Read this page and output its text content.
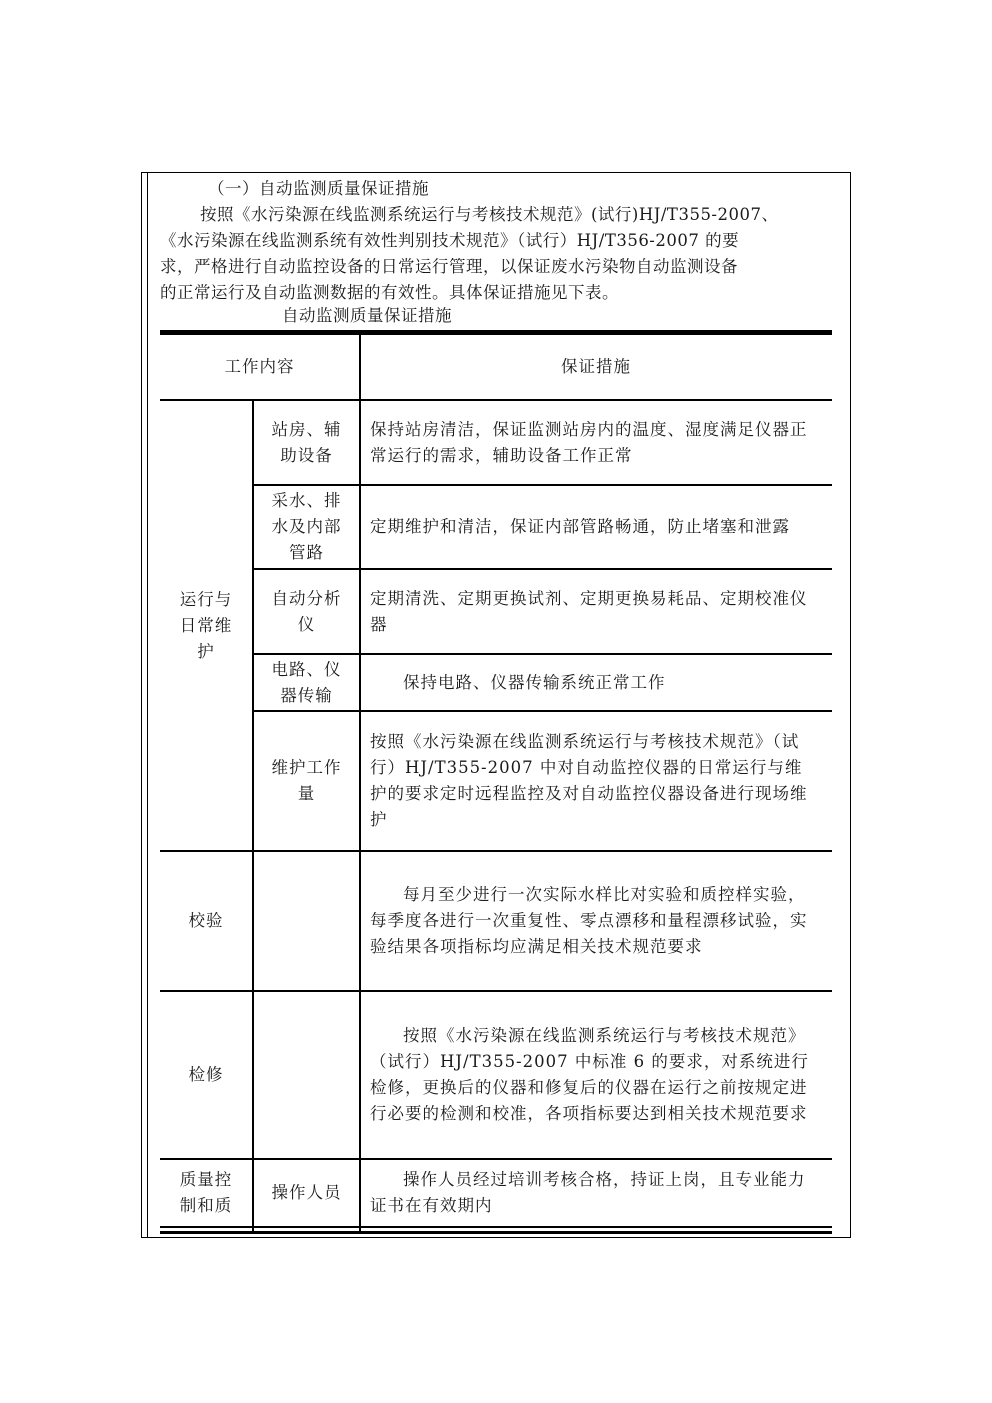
（一）自动监测质量保证措施
按照《水污染源在线监测系统运行与考核技术规范》(试行)HJ/T355-2007、
《水污染源在线监测系统有效性判别技术规范》（试行）HJ/T356-2007 的要
求，严格进行自动监控设备的日常运行管理，以保证废水污染物自动监测设备
的正常运行及自动监测数据的有效性。具体保证措施见下表。
自动监测质量保证措施
工作内容	保证措施
运行与日常维护
校验
检修
质量控制和质
站房、辅助设备
采水、排水及内部管路
自动分析仪
电路、仪器传输
维护工作量
操作人员
保持站房清洁，保证监测站房内的温度、湿度满足仪器正常运行的需求，辅助设备工作正常
定期维护和清洁，保证内部管路畅通，防止堵塞和泄露
定期清洗、定期更换试剂、定期更换易耗品、定期校准仪器
保持电路、仪器传输系统正常工作
按照《水污染源在线监测系统运行与考核技术规范》（试行）HJ/T355-2007 中对自动监控仪器的日常运行与维护的要求定时远程监控及对自动监控仪器设备进行现场维护
每月至少进行一次实际水样比对实验和质控样实验，每季度各进行一次重复性、零点漂移和量程漂移试验，实验结果各项指标均应满足相关技术规范要求
按照《水污染源在线监测系统运行与考核技术规范》（试行）HJ/T355-2007 中标准 6 的要求，对系统进行检修，更换后的仪器和修复后的仪器在运行之前按规定进行必要的检测和校准，各项指标要达到相关技术规范要求
操作人员经过培训考核合格，持证上岗，且专业能力证书在有效期内
